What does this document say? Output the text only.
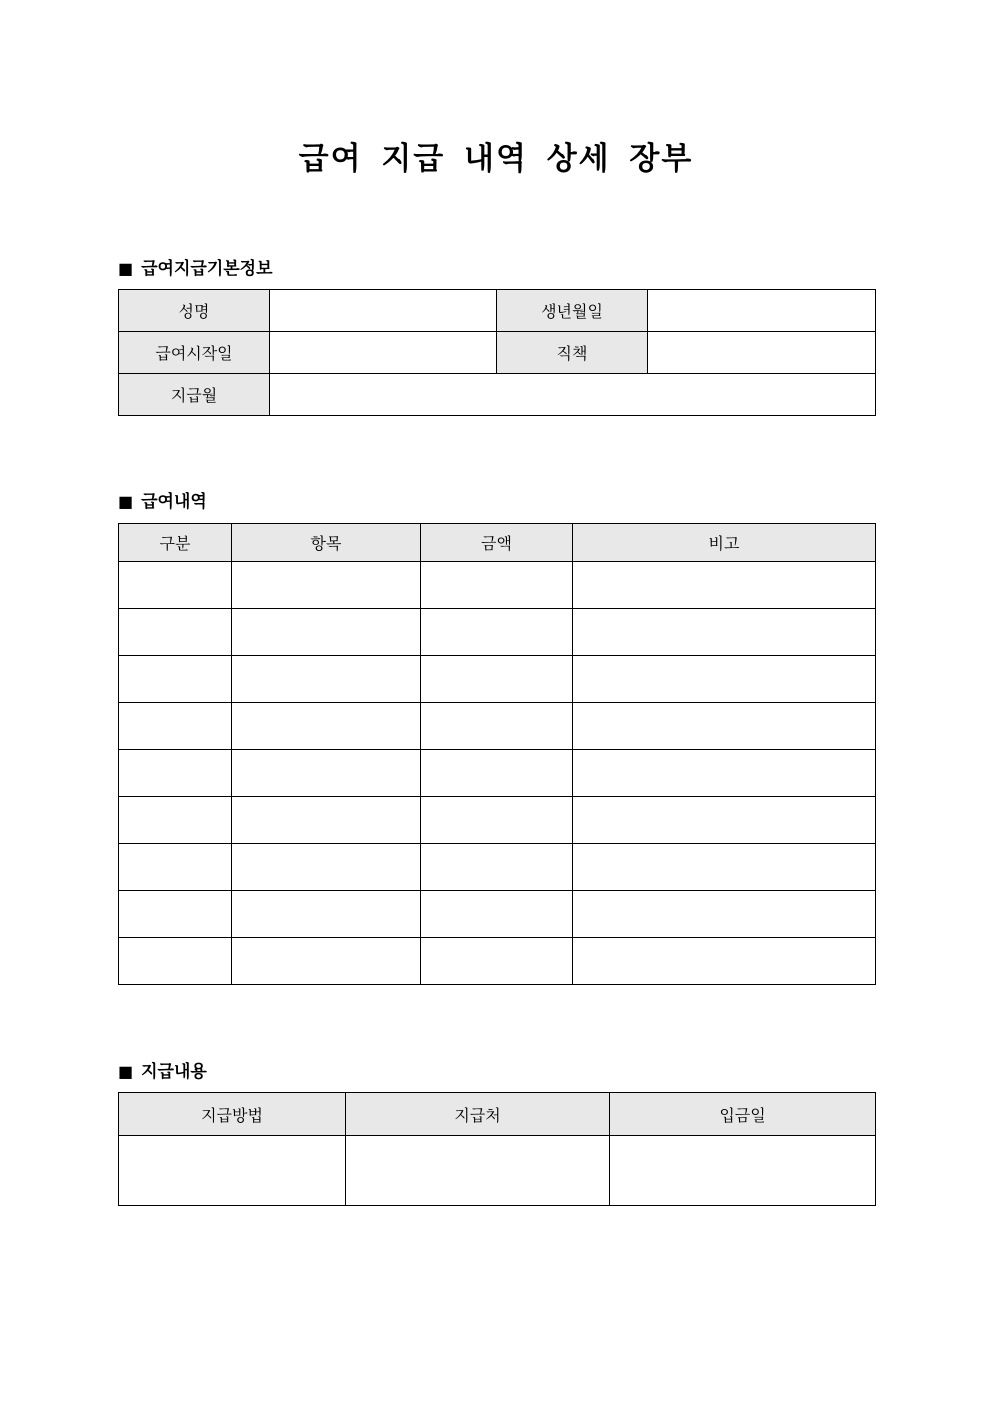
급여 지급 내역 상세 장부
■ 급여지급기본정보
성명		생년월일	
급여시작일		직책	
지급월			
■ 급여내역
구분	항목	금액	비고

■ 지급내용
지급방법	지급처	입금일
